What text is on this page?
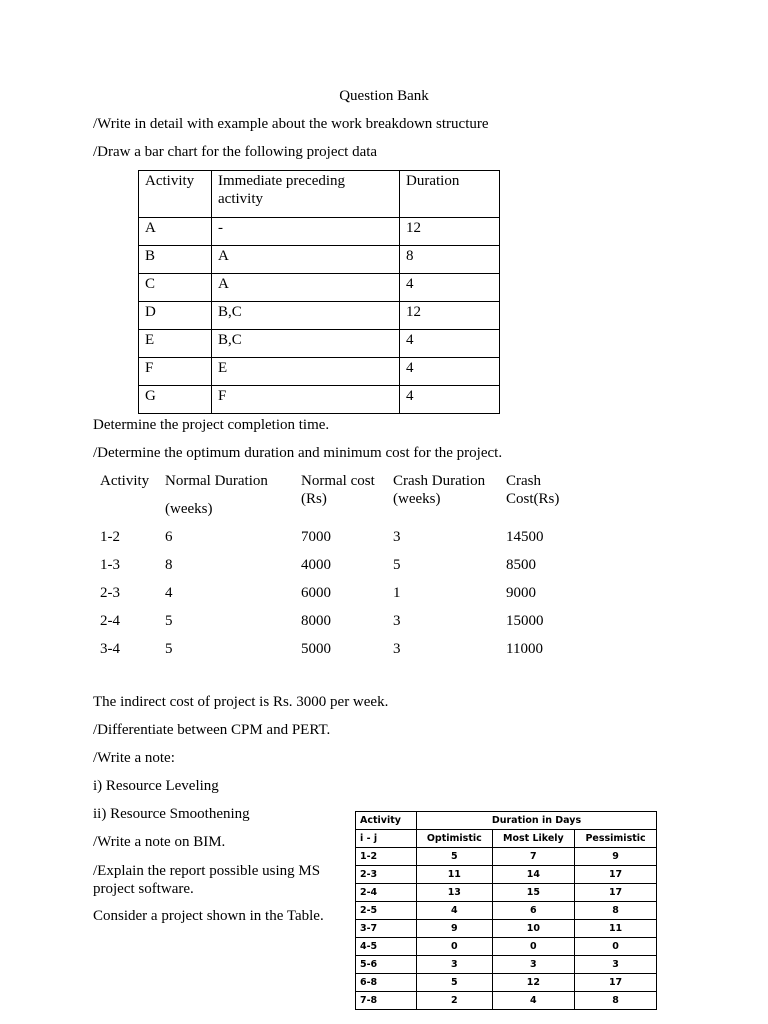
Question Bank
/Write in detail with example about the work breakdown structure
/Draw a bar chart for the following project data
Activity	Immediate preceding activity	Duration
A	-	12
B	A	8
C	A	4
D	B,C	12
E	B,C	4
F	E	4
G	F	4
Determine the project completion time.
/Determine the optimum duration and minimum cost for the project.
Activity	Normal Duration	Normal cost (Rs)	Crash Duration (weeks)	Crash Cost(Rs)
	(weeks)			
1-2	6	7000	3	14500
1-3	8	4000	5	8500
2-3	4	6000	1	9000
2-4	5	8000	3	15000
3-4	5	5000	3	11000
The indirect cost of project is Rs. 3000 per week.
/Differentiate between CPM and PERT.
/Write a note:
i) Resource Leveling
ii) Resource Smoothening
/Write a note on BIM.
/Explain the report possible using MS project software.
Consider a project shown in the Table.
Activity	Duration in Days		
i - j	Optimistic	Most Likely	Pessimistic
1-2	5	7	9
2-3	11	14	17
2-4	13	15	17
2-5	4	6	8
3-7	9	10	11
4-5	0	0	0
5-6	3	3	3
6-8	5	12	17
7-8	2	4	8
